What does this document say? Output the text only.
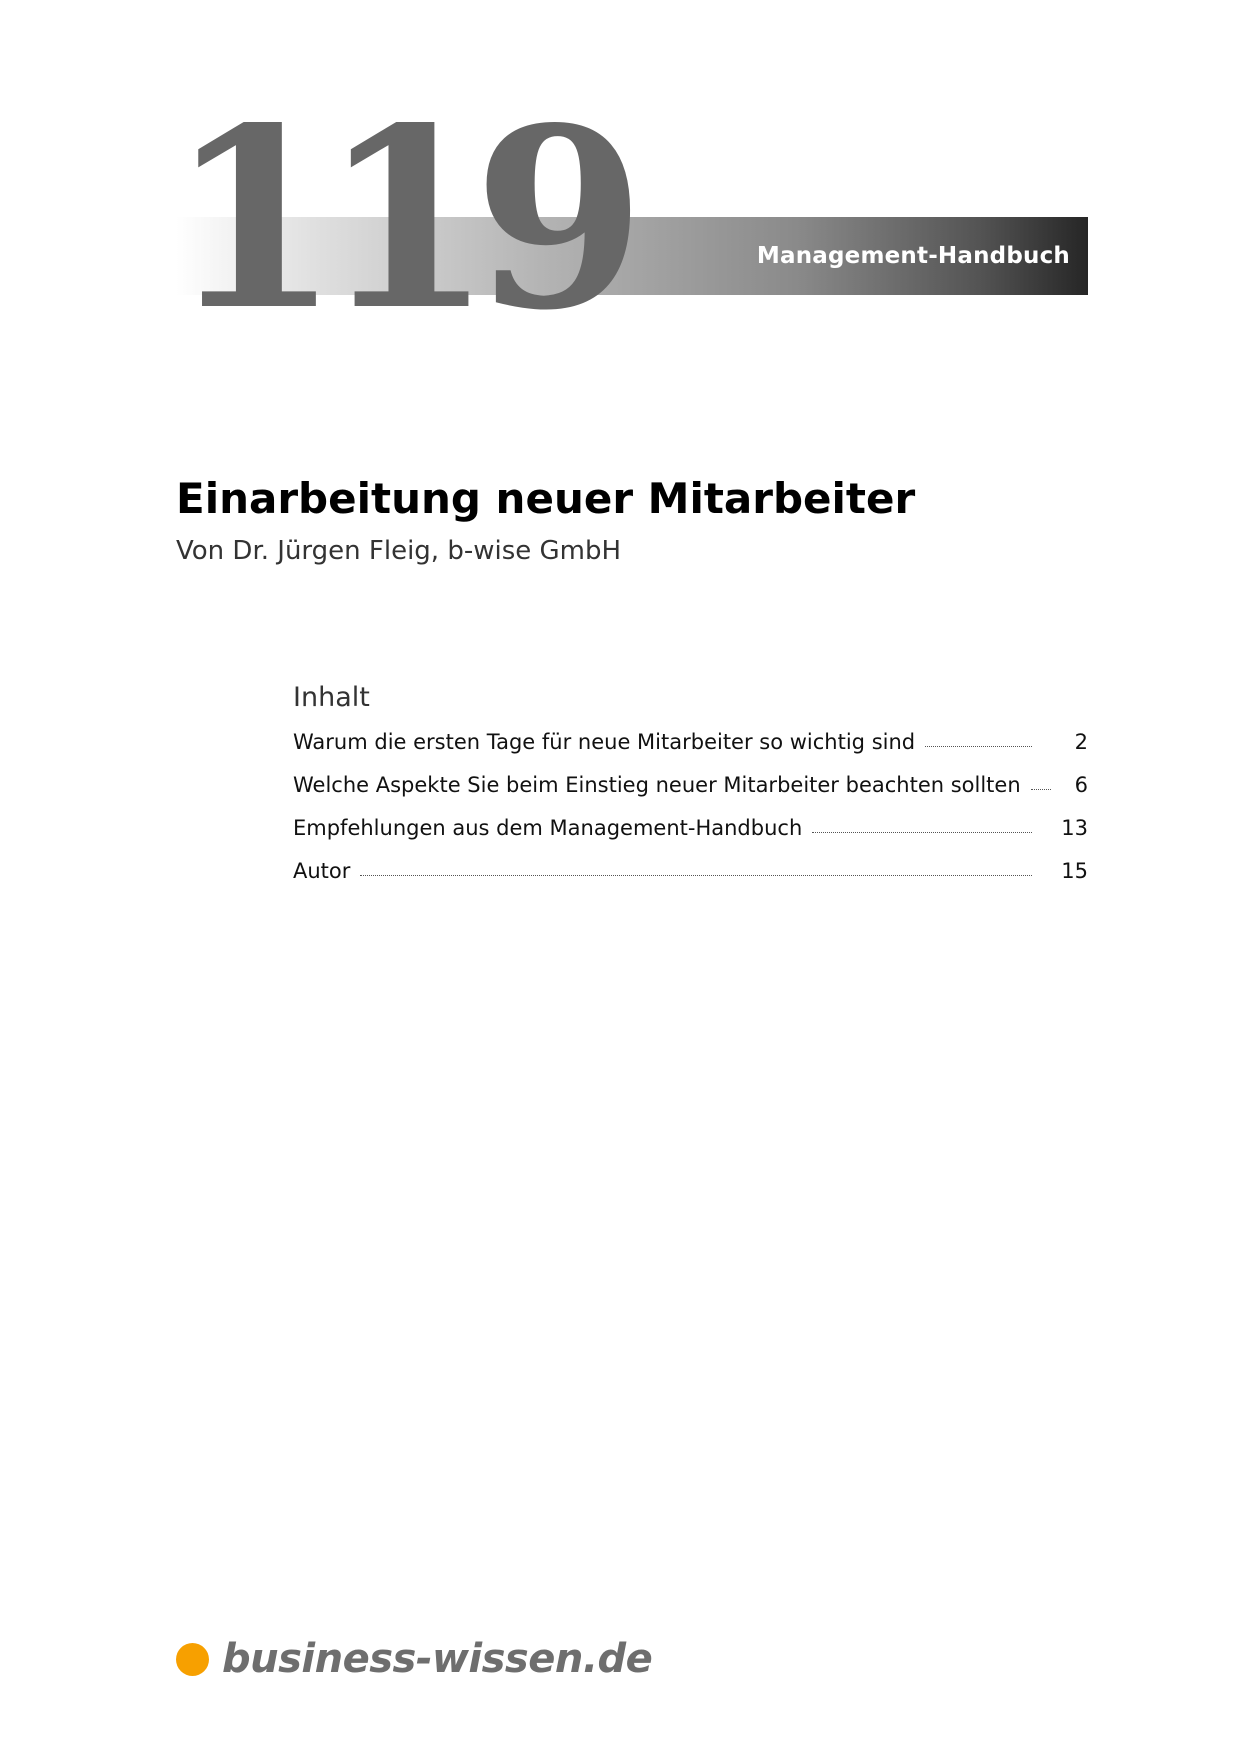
Management-Handbuch
119
Einarbeitung neuer Mitarbeiter
Von Dr. Jürgen Fleig, b-wise GmbH
Inhalt
Warum die ersten Tage für neue Mitarbeiter so wichtig sind	2
Welche Aspekte Sie beim Einstieg neuer Mitarbeiter beachten sollten	6
Empfehlungen aus dem Management-Handbuch	13
Autor	15
business-wissen.de
